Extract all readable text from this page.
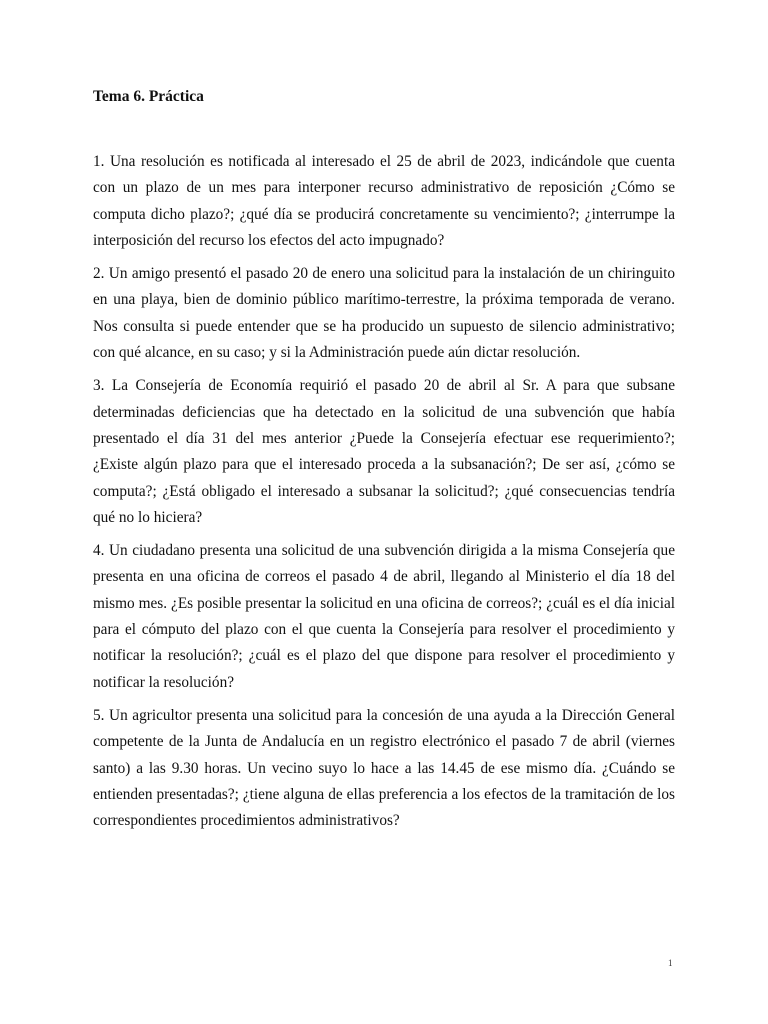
Tema 6. Práctica

1. Una resolución es notificada al interesado el 25 de abril de 2023, indicándole que cuenta con un plazo de un mes para interponer recurso administrativo de reposición ¿Cómo se computa dicho plazo?; ¿qué día se producirá concretamente su vencimiento?; ¿interrumpe la interposición del recurso los efectos del acto impugnado?

2. Un amigo presentó el pasado 20 de enero una solicitud para la instalación de un chiringuito en una playa, bien de dominio público marítimo-terrestre, la próxima temporada de verano. Nos consulta si puede entender que se ha producido un supuesto de silencio administrativo; con qué alcance, en su caso; y si la Administración puede aún dictar resolución.

3. La Consejería de Economía requirió el pasado 20 de abril al Sr. A para que subsane determinadas deficiencias que ha detectado en la solicitud de una subvención que había presentado el día 31 del mes anterior ¿Puede la Consejería efectuar ese requerimiento?; ¿Existe algún plazo para que el interesado proceda a la subsanación?; De ser así, ¿cómo se computa?; ¿Está obligado el interesado a subsanar la solicitud?; ¿qué consecuencias tendría qué no lo hiciera?

4. Un ciudadano presenta una solicitud de una subvención dirigida a la misma Consejería que presenta en una oficina de correos el pasado 4 de abril, llegando al Ministerio el día 18 del mismo mes. ¿Es posible presentar la solicitud en una oficina de correos?; ¿cuál es el día inicial para el cómputo del plazo con el que cuenta la Consejería para resolver el procedimiento y notificar la resolución?; ¿cuál es el plazo del que dispone para resolver el procedimiento y notificar la resolución?

5. Un agricultor presenta una solicitud para la concesión de una ayuda a la Dirección General competente de la Junta de Andalucía en un registro electrónico el pasado 7 de abril (viernes santo) a las 9.30 horas. Un vecino suyo lo hace a las 14.45 de ese mismo día. ¿Cuándo se entienden presentadas?; ¿tiene alguna de ellas preferencia a los efectos de la tramitación de los correspondientes procedimientos administrativos?

1
